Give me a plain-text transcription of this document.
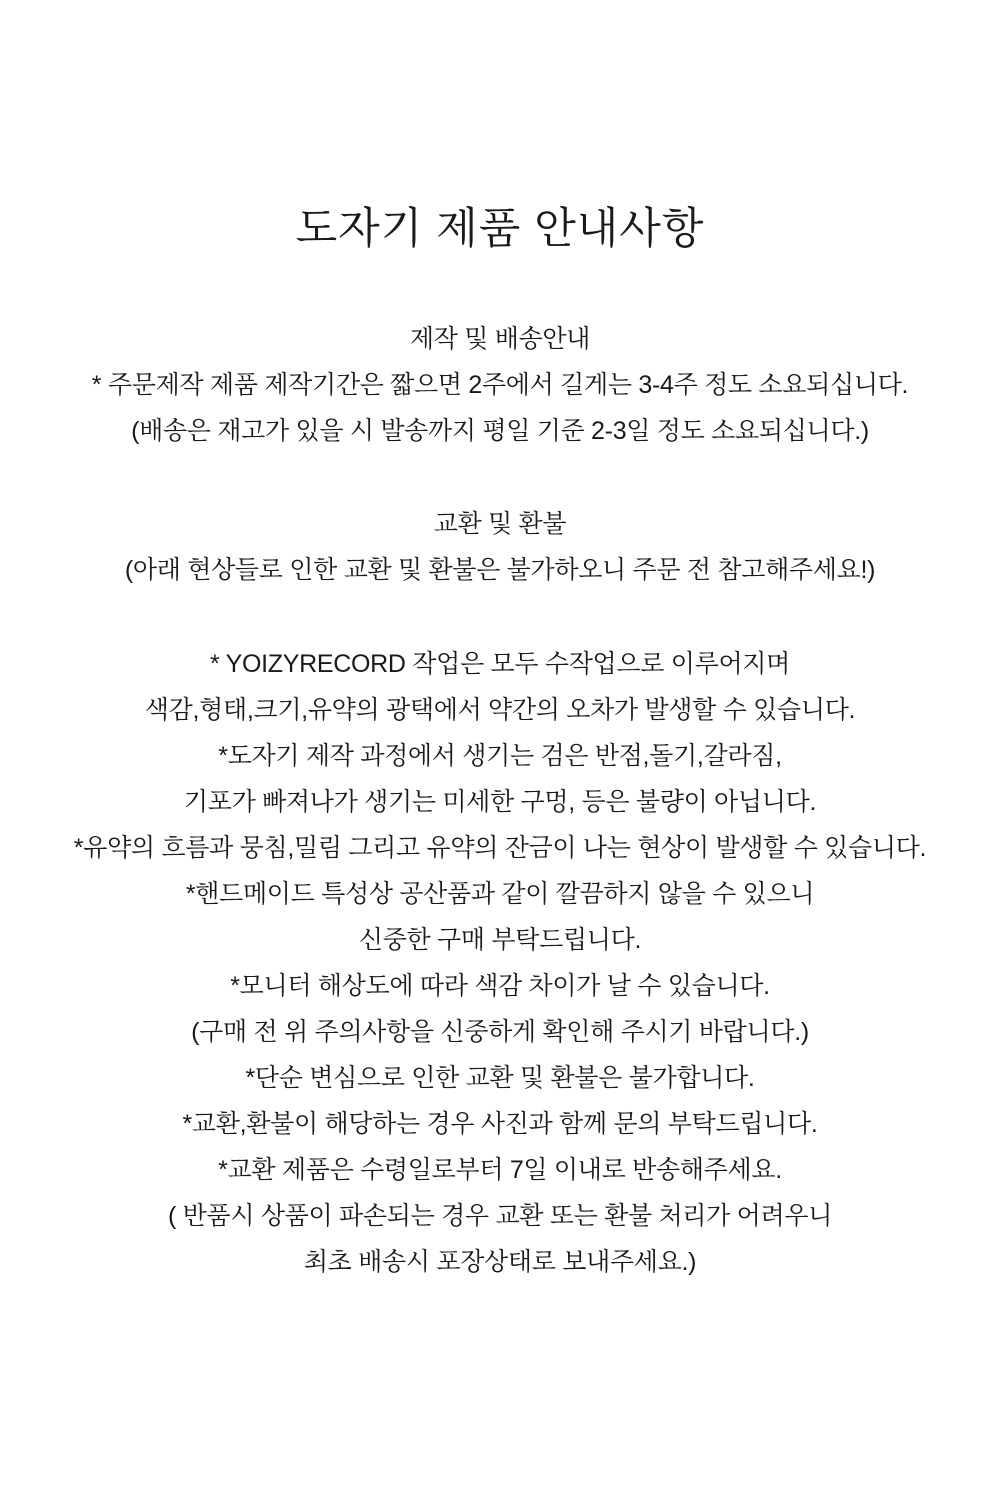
도자기 제품 안내사항

제작 및 배송안내

* 주문제작 제품 제작기간은 짧으면 2주에서 길게는 3-4주 정도 소요되십니다.

(배송은 재고가 있을 시 발송까지 평일 기준 2-3일 정도 소요되십니다.)

교환 및 환불

(아래 현상들로 인한 교환 및 환불은 불가하오니 주문 전 참고해주세요!)

* YOIZYRECORD 작업은 모두 수작업으로 이루어지며

색감,형태,크기,유약의 광택에서 약간의 오차가 발생할 수 있습니다.

*도자기 제작 과정에서 생기는 검은 반점,돌기,갈라짐,

기포가 빠져나가 생기는 미세한 구멍, 등은 불량이 아닙니다.

*유약의 흐름과 뭉침,밀림 그리고 유약의 잔금이 나는 현상이 발생할 수 있습니다.

*핸드메이드 특성상 공산품과 같이 깔끔하지 않을 수 있으니

신중한 구매 부탁드립니다.

*모니터 해상도에 따라 색감 차이가 날 수 있습니다.

(구매 전 위 주의사항을 신중하게 확인해 주시기 바랍니다.)

*단순 변심으로 인한 교환 및 환불은 불가합니다.

*교환,환불이 해당하는 경우 사진과 함께 문의 부탁드립니다.

*교환 제품은 수령일로부터 7일 이내로 반송해주세요.

( 반품시 상품이 파손되는 경우 교환 또는 환불 처리가 어려우니

최초 배송시 포장상태로 보내주세요.)
